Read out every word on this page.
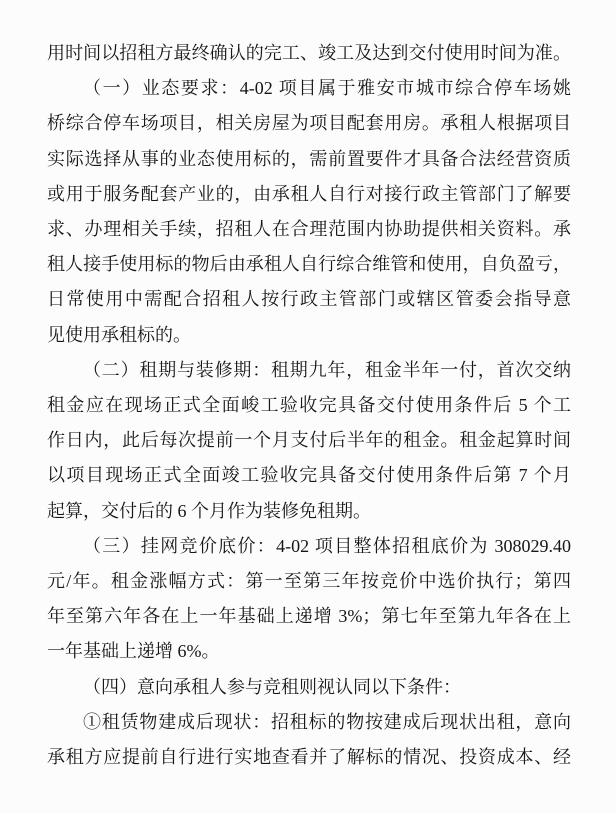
用时间以招租方最终确认的完工、竣工及达到交付使用时间为准。
（一）业态要求：4-02 项目属于雅安市城市综合停车场姚
桥综合停车场项目，相关房屋为项目配套用房。承租人根据项目
实际选择从事的业态使用标的，需前置要件才具备合法经营资质
或用于服务配套产业的，由承租人自行对接行政主管部门了解要
求、办理相关手续，招租人在合理范围内协助提供相关资料。承
租人接手使用标的物后由承租人自行综合维管和使用，自负盈亏，
日常使用中需配合招租人按行政主管部门或辖区管委会指导意
见使用承租标的。
（二）租期与装修期：租期九年，租金半年一付，首次交纳
租金应在现场正式全面峻工验收完具备交付使用条件后 5 个工
作日内，此后每次提前一个月支付后半年的租金。租金起算时间
以项目现场正式全面竣工验收完具备交付使用条件后第 7 个月
起算，交付后的 6 个月作为装修免租期。
（三）挂网竞价底价：4-02 项目整体招租底价为 308029.40
元/年。租金涨幅方式：第一至第三年按竞价中选价执行；第四
年至第六年各在上一年基础上递增 3%；第七年至第九年各在上
一年基础上递增 6%。
（四）意向承租人参与竞租则视认同以下条件：
①租赁物建成后现状：招租标的物按建成后现状出租，意向
承租方应提前自行进行实地查看并了解标的情况、投资成本、经
